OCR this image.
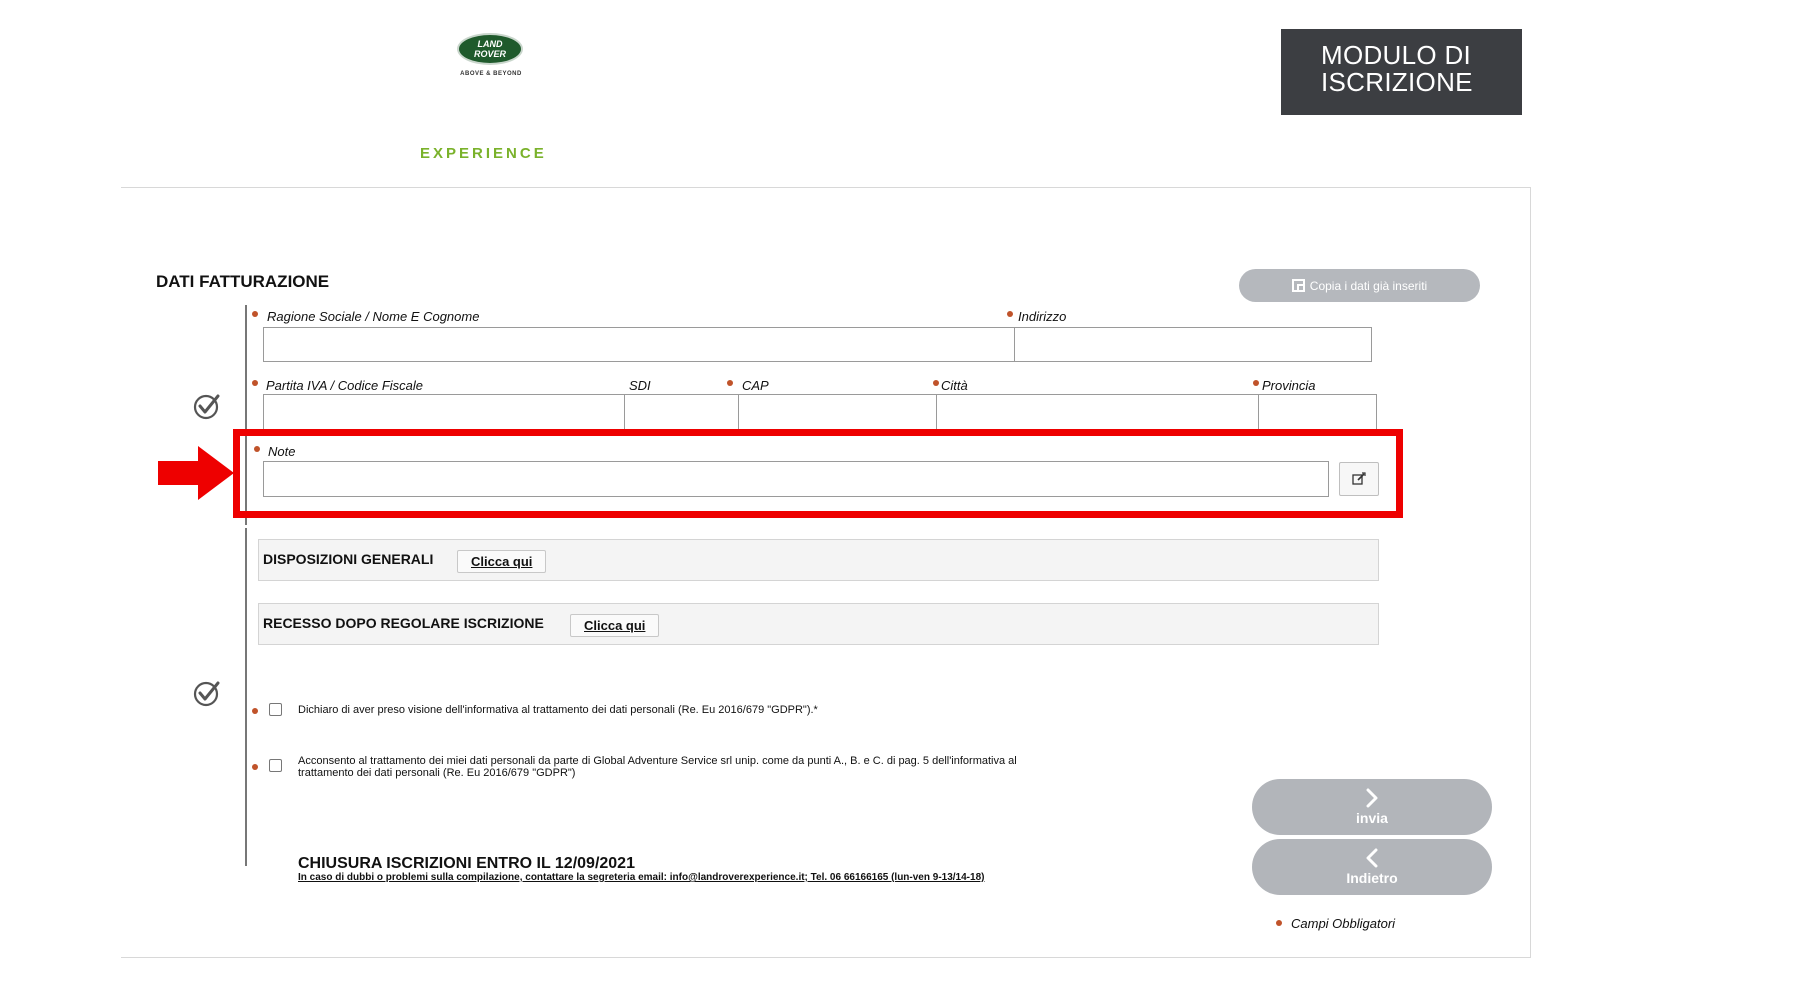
LAND
ROVER
ABOVE & BEYOND
EXPERIENCE
MODULO DI
ISCRIZIONE
DATI FATTURAZIONE	Copia i dati già inseriti
Ragione Sociale / Nome E Cognome	Indirizzo
Partita IVA / Codice Fiscale	SDI	CAP	Città	Provincia
Note
DISPOSIZIONI GENERALI	Clicca qui
RECESSO DOPO REGOLARE ISCRIZIONE	Clicca qui
Dichiaro di aver preso visione dell'informativa al trattamento dei dati personali (Re. Eu 2016/679 "GDPR").*
Acconsento al trattamento dei miei dati personali da parte di Global Adventure Service srl unip. come da punti A., B. e C. di pag. 5 dell'informativa al
trattamento dei dati personali (Re. Eu 2016/679 "GDPR")
CHIUSURA ISCRIZIONI ENTRO IL 12/09/2021
In caso di dubbi o problemi sulla compilazione, contattare la segreteria email: info@landroverexperience.it; Tel. 06 66166165 (lun-ven 9-13/14-18)
invia
Indietro
Campi Obbligatori
